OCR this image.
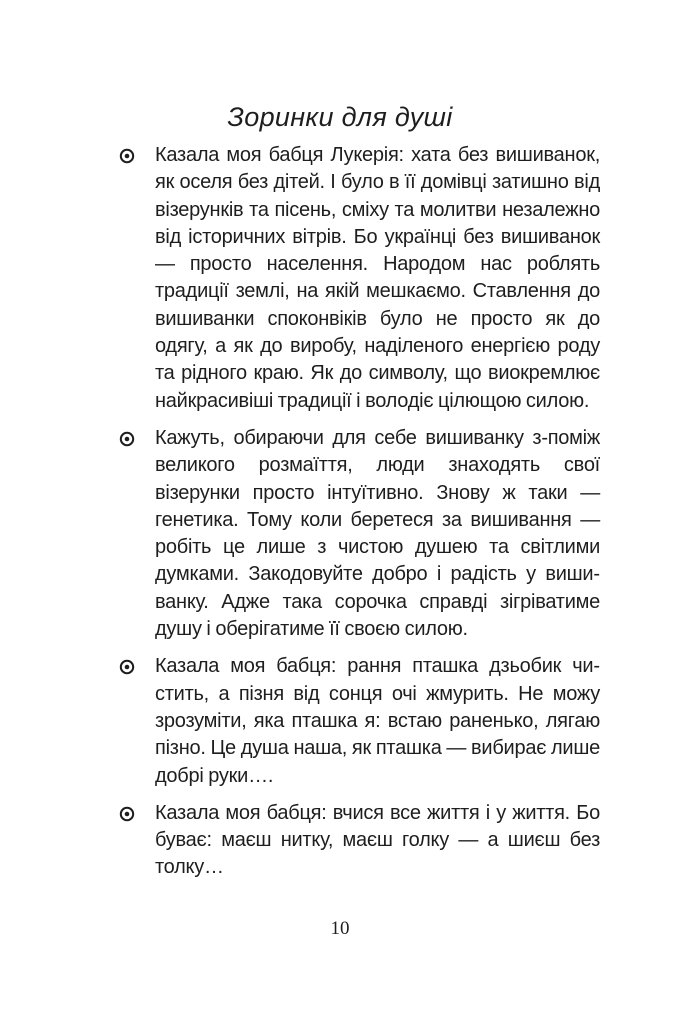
Зоринки для душі
Казала моя бабця Лукерія: хата без вишиванок, як оселя без дітей. І було в її домівці затишно від візерунків та пісень, сміху та молитви незалежно від історичних вітрів. Бо українці без вишиванок — просто населення. Народом нас роблять традиції землі, на якій мешкаємо. Ставлення до вишиванки споконвіків було не просто як до одягу, а як до виробу, наділеного енергією роду та рідного краю. Як до символу, що виокремлює найкрасивіші традиції і володіє цілющою силою.
Кажуть, обираючи для себе вишиванку з-поміж великого розмаїття, люди знаходять свої візерунки просто інтуїтивно. Знову ж таки — генетика. Тому коли беретеся за вишивання — робіть це лише з чистою душею та світлими думками. Закодовуйте добро і радість у вишиванку. Адже така сорочка справді зігріватиме душу і оберігатиме її своєю силою.
Казала моя бабця: рання пташка дзьобик чистить, а пізня від сонця очі жмурить. Не можу зрозуміти, яка пташка я: встаю раненько, лягаю пізно. Це душа наша, як пташка — вибирає лише добрі руки….
Казала моя бабця: вчися все життя і у життя. Бо буває: маєш нитку, маєш голку — а шиєш без толку…
10
